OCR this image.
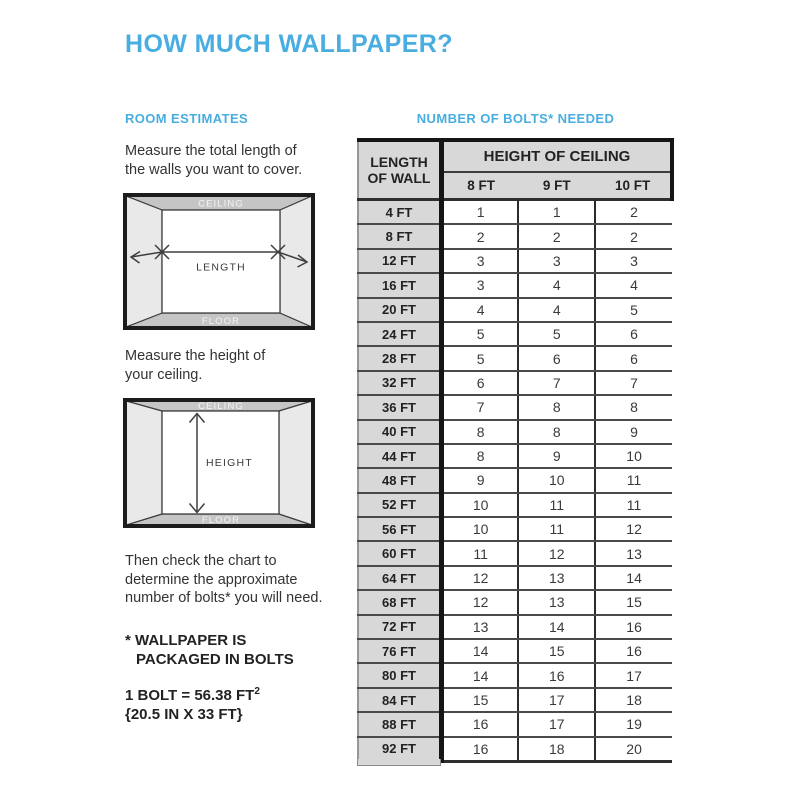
HOW MUCH WALLPAPER?
ROOM ESTIMATES	NUMBER OF BOLTS* NEEDED
Measure the total length of the walls you want to cover.
CEILING
FLOOR
LENGTH
Measure the height of your ceiling.
CEILING
FLOOR
HEIGHT
Then check the chart to determine the approximate number of bolts* you will need.
* WALLPAPER IS
PACKAGED IN BOLTS
1 BOLT = 56.38 $FT^2$
{20.5 IN X 33 FT}
LENGTH
OF WALL	HEIGHT OF CEILING		
	8 FT	9 FT	10 FT
4 FT	1	1	2
8 FT	2	2	2
12 FT	3	3	3
16 FT	3	4	4
20 FT	4	4	5
24 FT	5	5	6
28 FT	5	6	6
32 FT	6	7	7
36 FT	7	8	8
40 FT	8	8	9
44 FT	8	9	10
48 FT	9	10	11
52 FT	10	11	11
56 FT	10	11	12
60 FT	11	12	13
64 FT	12	13	14
68 FT	12	13	15
72 FT	13	14	16
76 FT	14	15	16
80 FT	14	16	17
84 FT	15	17	18
88 FT	16	17	19
92 FT	16	18	20
